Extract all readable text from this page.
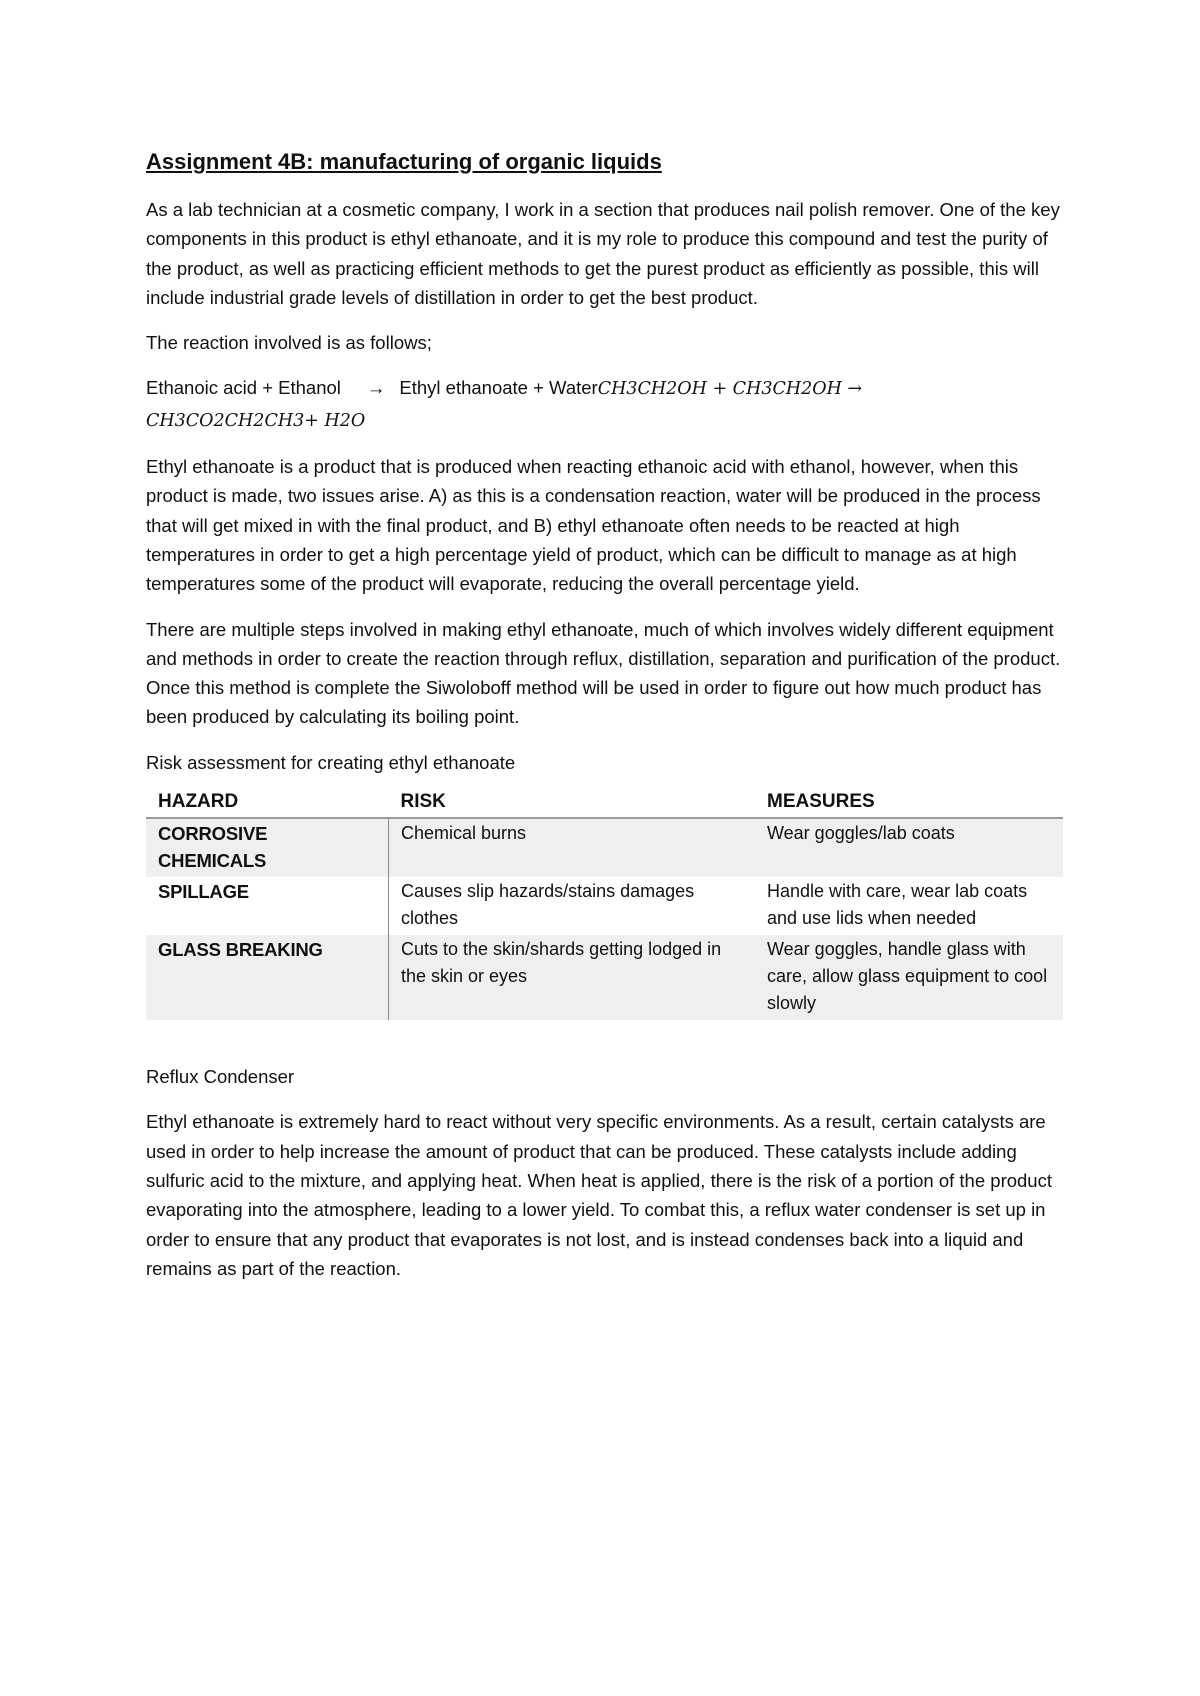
Assignment 4B: manufacturing of organic liquids

As a lab technician at a cosmetic company, I work in a section that produces nail polish remover. One of the key components in this product is ethyl ethanoate, and it is my role to produce this compound and test the purity of the product, as well as practicing efficient methods to get the purest product as efficiently as possible, this will include industrial grade levels of distillation in order to get the best product.

The reaction involved is as follows;

Ethanoic acid + Ethanol → Ethyl ethanoate + WaterCH3CH2OH + CH3CH2OH →
CH3CO2CH2CH3+ H2O

Ethyl ethanoate is a product that is produced when reacting ethanoic acid with ethanol, however, when this product is made, two issues arise. A) as this is a condensation reaction, water will be produced in the process that will get mixed in with the final product, and B) ethyl ethanoate often needs to be reacted at high temperatures in order to get a high percentage yield of product, which can be difficult to manage as at high temperatures some of the product will evaporate, reducing the overall percentage yield.

There are multiple steps involved in making ethyl ethanoate, much of which involves widely different equipment and methods in order to create the reaction through reflux, distillation, separation and purification of the product. Once this method is complete the Siwoloboff method will be used in order to figure out how much product has been produced by calculating its boiling point.

Risk assessment for creating ethyl ethanoate
HAZARD	RISK	MEASURES
CORROSIVE CHEMICALS	Chemical burns	Wear goggles/lab coats
SPILLAGE	Causes slip hazards/stains damages clothes	Handle with care, wear lab coats and use lids when needed
GLASS BREAKING	Cuts to the skin/shards getting lodged in the skin or eyes	Wear goggles, handle glass with care, allow glass equipment to cool slowly
Reflux Condenser

Ethyl ethanoate is extremely hard to react without very specific environments. As a result, certain catalysts are used in order to help increase the amount of product that can be produced. These catalysts include adding sulfuric acid to the mixture, and applying heat. When heat is applied, there is the risk of a portion of the product evaporating into the atmosphere, leading to a lower yield. To combat this, a reflux water condenser is set up in order to ensure that any product that evaporates is not lost, and is instead condenses back into a liquid and remains as part of the reaction.
